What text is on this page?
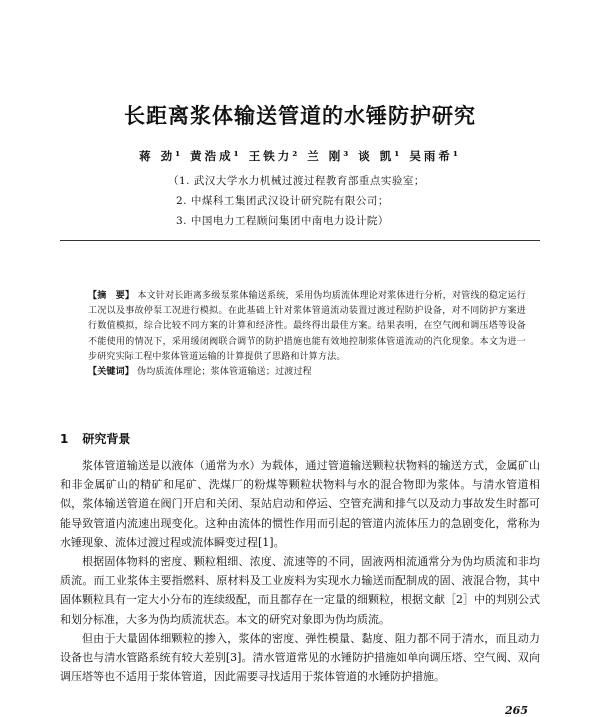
长距离浆体输送管道的水锤防护研究
蒋 劲¹ 黄浩成¹ 王铁力² 兰 刚³ 谈 凯¹ 吴雨希¹
（1. 武汉大学水力机械过渡过程教育部重点实验室；
2. 中煤科工集团武汉设计研究院有限公司；
3. 中国电力工程顾问集团中南电力设计院）

【摘　要】 本文针对长距离多级泵浆体输送系统，采用伪均质流体理论对浆体进行分析，对管线的稳定运行工况以及事故停泵工况进行模拟。在此基础上针对浆体管道流动装置过渡过程防护设备，对不同防护方案进行数值模拟，综合比较不同方案的计算和经济性。最终得出最佳方案。结果表明，在空气阀和调压塔等设备不能使用的情况下，采用缓闭阀联合调节的防护措施也能有效地控制浆体管道流动的汽化现象。本文为进一步研究实际工程中浆体管道运输的计算提供了思路和计算方法。

【关键词】 伪均质流体理论；浆体管道输送；过渡过程

1 研究背景

浆体管道输送是以液体（通常为水）为载体，通过管道输送颗粒状物料的输送方式，金属矿山和非金属矿山的精矿和尾矿、洗煤厂的粉煤等颗粒状物料与水的混合物即为浆体。与清水管道相似，浆体输送管道在阀门开启和关闭、泵站启动和停运、空管充满和排气以及动力事故发生时都可能导致管道内流速出现变化。这种由流体的惯性作用而引起的管道内流体压力的急剧变化，常称为水锤现象、流体过渡过程或流体瞬变过程[1]。

根据固体物料的密度、颗粒粗细、浓度、流速等的不同，固液两相流通常分为伪均质流和非均质流。而工业浆体主要指燃料、原材料及工业废料为实现水力输送而配制成的固、液混合物，其中固体颗粒具有一定大小分布的连续级配，而且都存在一定量的细颗粒，根据文献［2］中的判别公式和划分标准，大多为伪均质流状态。本文的研究对象即为伪均质流。

但由于大量固体细颗粒的掺入，浆体的密度、弹性模量、黏度、阻力都不同于清水，而且动力设备也与清水管路系统有较大差别[3]。清水管道常见的水锤防护措施如单向调压塔、空气阀、双向调压塔等也不适用于浆体管道，因此需要寻找适用于浆体管道的水锤防护措施。

265
